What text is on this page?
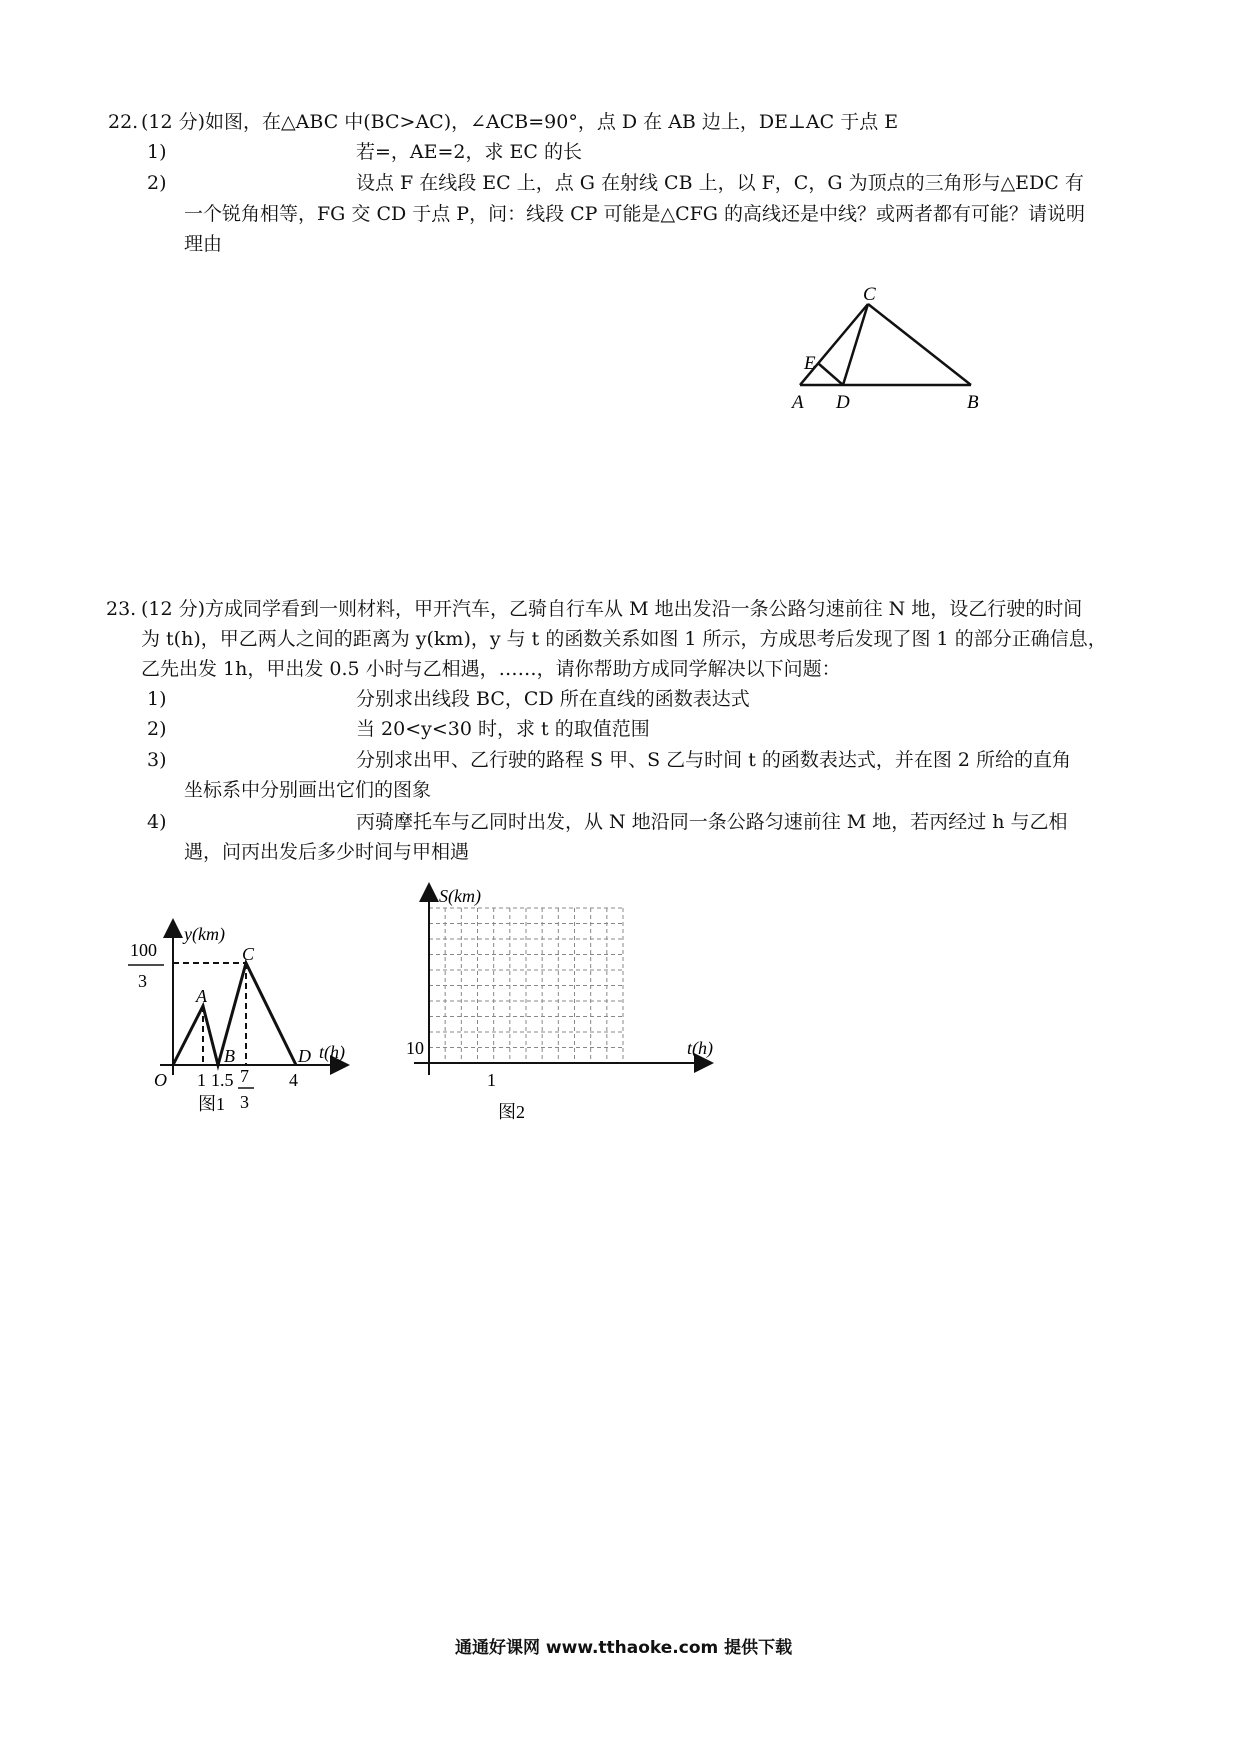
22. (12 分)如图，在△ABC 中(BC>AC)，∠ACB=90°，点 D 在 AB 边上，DE⊥AC 于点 E
1)	若=，AE=2，求 EC 的长
2)	设点 F 在线段 EC 上，点 G 在射线 CB 上，以 F，C，G 为顶点的三角形与△EDC 有
一个锐角相等，FG 交 CD 于点 P，问：线段 CP 可能是△CFG 的高线还是中线？或两者都有可能？请说明
理由
C
E
A D	B
23. (12 分)方成同学看到一则材料，甲开汽车，乙骑自行车从 M 地出发沿一条公路匀速前往 N 地，设乙行驶的时间
为 t(h)，甲乙两人之间的距离为 y(km)，y 与 t 的函数关系如图 1 所示，方成思考后发现了图 1 的部分正确信息，
乙先出发 1h，甲出发 0.5 小时与乙相遇，……，请你帮助方成同学解决以下问题：
1)	分别求出线段 BC，CD 所在直线的函数表达式
2)	当 20<y<30 时，求 t 的取值范围
3)	分别求出甲、乙行驶的路程 S 甲、S 乙与时间 t 的函数表达式，并在图 2 所给的直角
坐标系中分别画出它们的图象
4)	丙骑摩托车与乙同时出发，从 N 地沿同一条公路匀速前往 M 地，若丙经过 h 与乙相
遇，问丙出发后多少时间与甲相遇
100
3
y(km)
t(h)
A
B
C
D
O 1 1.5 7
3
4
图1
S(km)
t(h)
10
1
图2
通通好课网 www.tthaoke.com 提供下载
